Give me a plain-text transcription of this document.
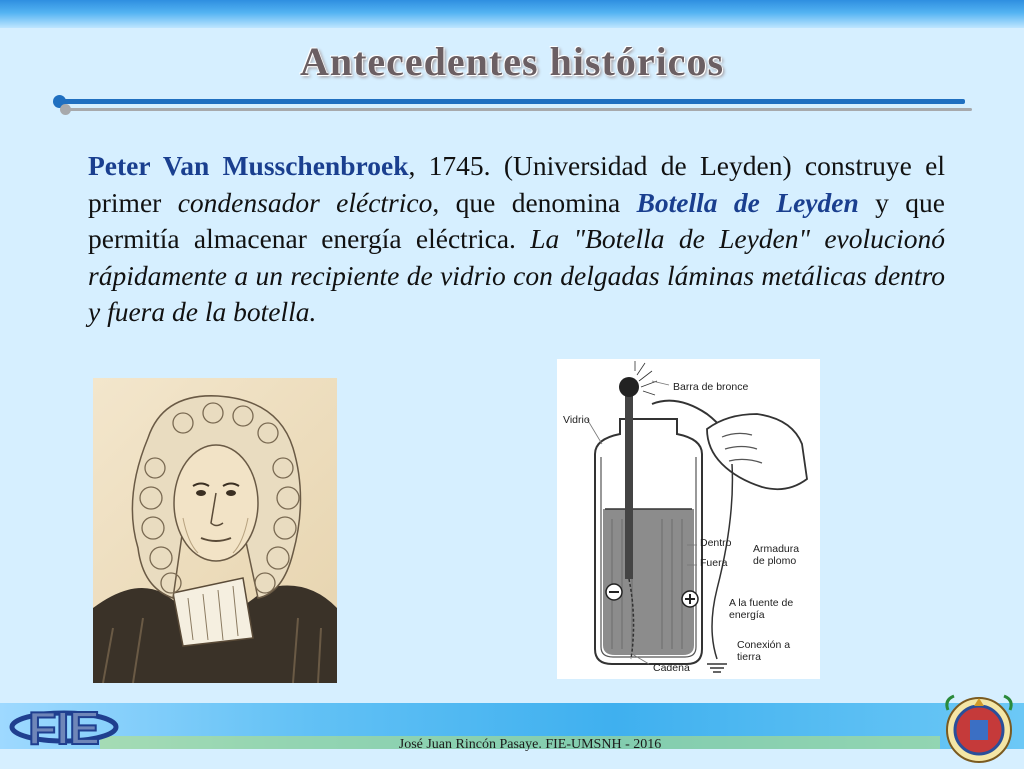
Antecedentes históricos
Peter Van Musschenbroek, 1745. (Universidad de Leyden) construye el primer condensador eléctrico, que denomina Botella de Leyden y que permitía almacenar energía eléctrica. La "Botella de Leyden" evolucionó rápidamente a un recipiente de vidrio con delgadas láminas metálicas dentro y fuera de la botella.
Barra de bronce
Vidrio
Dentro
Fuera
Armadura
de plomo
A la fuente de
energía
Conexión a
tierra
Cadena
José Juan Rincón Pasaye. FIE-UMSNH - 2016
FIE
